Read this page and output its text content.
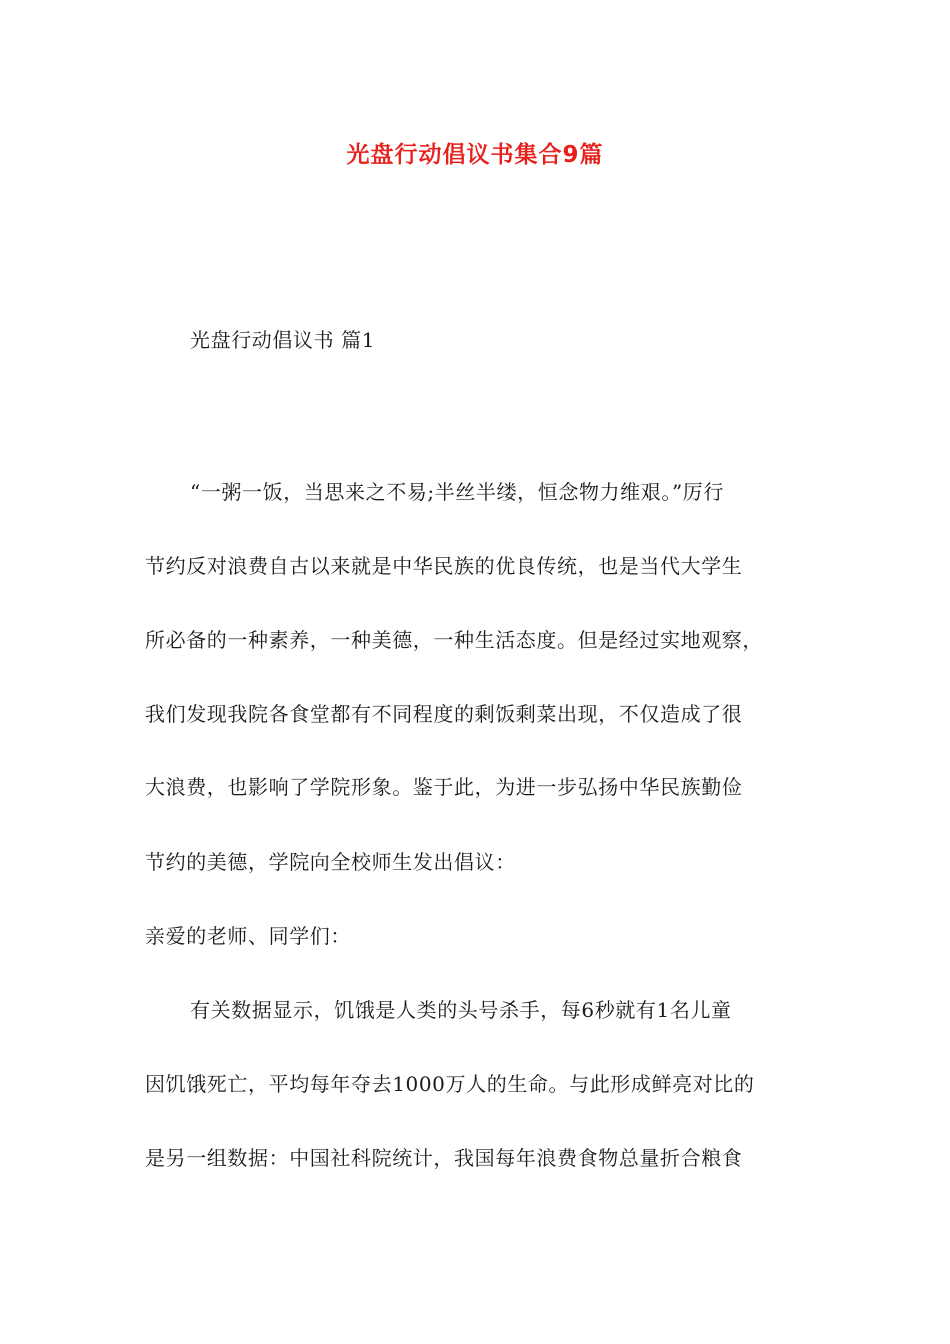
光盘行动倡议书集合9篇
光盘行动倡议书 篇1
“一粥一饭，当思来之不易;半丝半缕，恒念物力维艰。”厉行
节约反对浪费自古以来就是中华民族的优良传统，也是当代大学生
所必备的一种素养，一种美德，一种生活态度。但是经过实地观察，
我们发现我院各食堂都有不同程度的剩饭剩菜出现，不仅造成了很
大浪费，也影响了学院形象。鉴于此，为进一步弘扬中华民族勤俭
节约的美德，学院向全校师生发出倡议：
亲爱的老师、同学们：
有关数据显示，饥饿是人类的头号杀手，每6秒就有1名儿童
因饥饿死亡，平均每年夺去1000万人的生命。与此形成鲜亮对比的
是另一组数据：中国社科院统计，我国每年浪费食物总量折合粮食
